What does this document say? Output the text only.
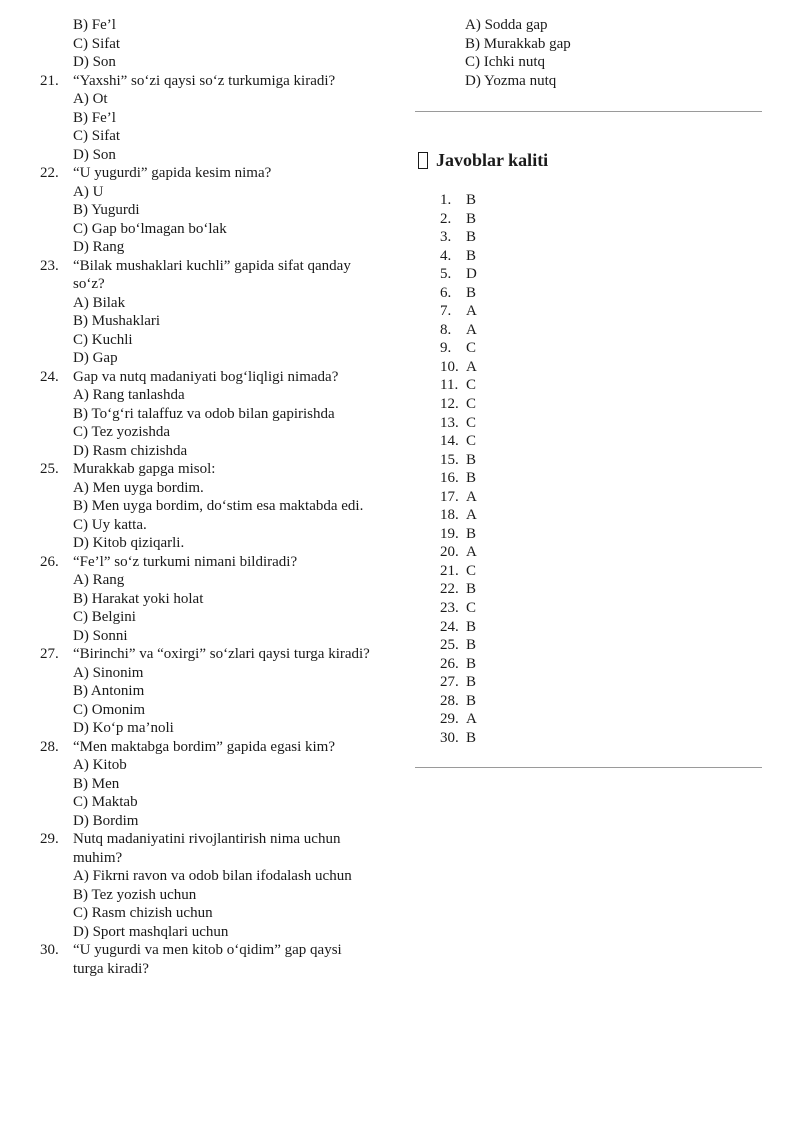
B) Fe’l
C) Sifat
D) Son
21. “Yaxshi” so‘zi qaysi so‘z turkumiga kiradi?
A) Ot
B) Fe’l
C) Sifat
D) Son
22. “U yugurdi” gapida kesim nima?
A) U
B) Yugurdi
C) Gap bo‘lmagan bo‘lak
D) Rang
23. “Bilak mushaklari kuchli” gapida sifat qanday so‘z?
A) Bilak
B) Mushaklari
C) Kuchli
D) Gap
24. Gap va nutq madaniyati bog‘liqligi nimada?
A) Rang tanlashda
B) To‘g‘ri talaffuz va odob bilan gapirishda
C) Tez yozishda
D) Rasm chizishda
25. Murakkab gapga misol:
A) Men uyga bordim.
B) Men uyga bordim, do‘stim esa maktabda edi.
C) Uy katta.
D) Kitob qiziqarli.
26. “Fe’l” so‘z turkumi nimani bildiradi?
A) Rang
B) Harakat yoki holat
C) Belgini
D) Sonni
27. “Birinchi” va “oxirgi” so‘zlari qaysi turga kiradi?
A) Sinonim
B) Antonim
C) Omonim
D) Ko‘p ma’noli
28. “Men maktabga bordim” gapida egasi kim?
A) Kitob
B) Men
C) Maktab
D) Bordim
29. Nutq madaniyatini rivojlantirish nima uchun muhim?
A) Fikrni ravon va odob bilan ifodalash uchun
B) Tez yozish uchun
C) Rasm chizish uchun
D) Sport mashqlari uchun
30. “U yugurdi va men kitob o‘qidim” gap qaysi turga kiradi?
A) Sodda gap
B) Murakkab gap
C) Ichki nutq
D) Yozma nutq
Javoblar kaliti
1. B
2. B
3. B
4. B
5. D
6. B
7. A
8. A
9. C
10. A
11. C
12. C
13. C
14. C
15. B
16. B
17. A
18. A
19. B
20. A
21. C
22. B
23. C
24. B
25. B
26. B
27. B
28. B
29. A
30. B
